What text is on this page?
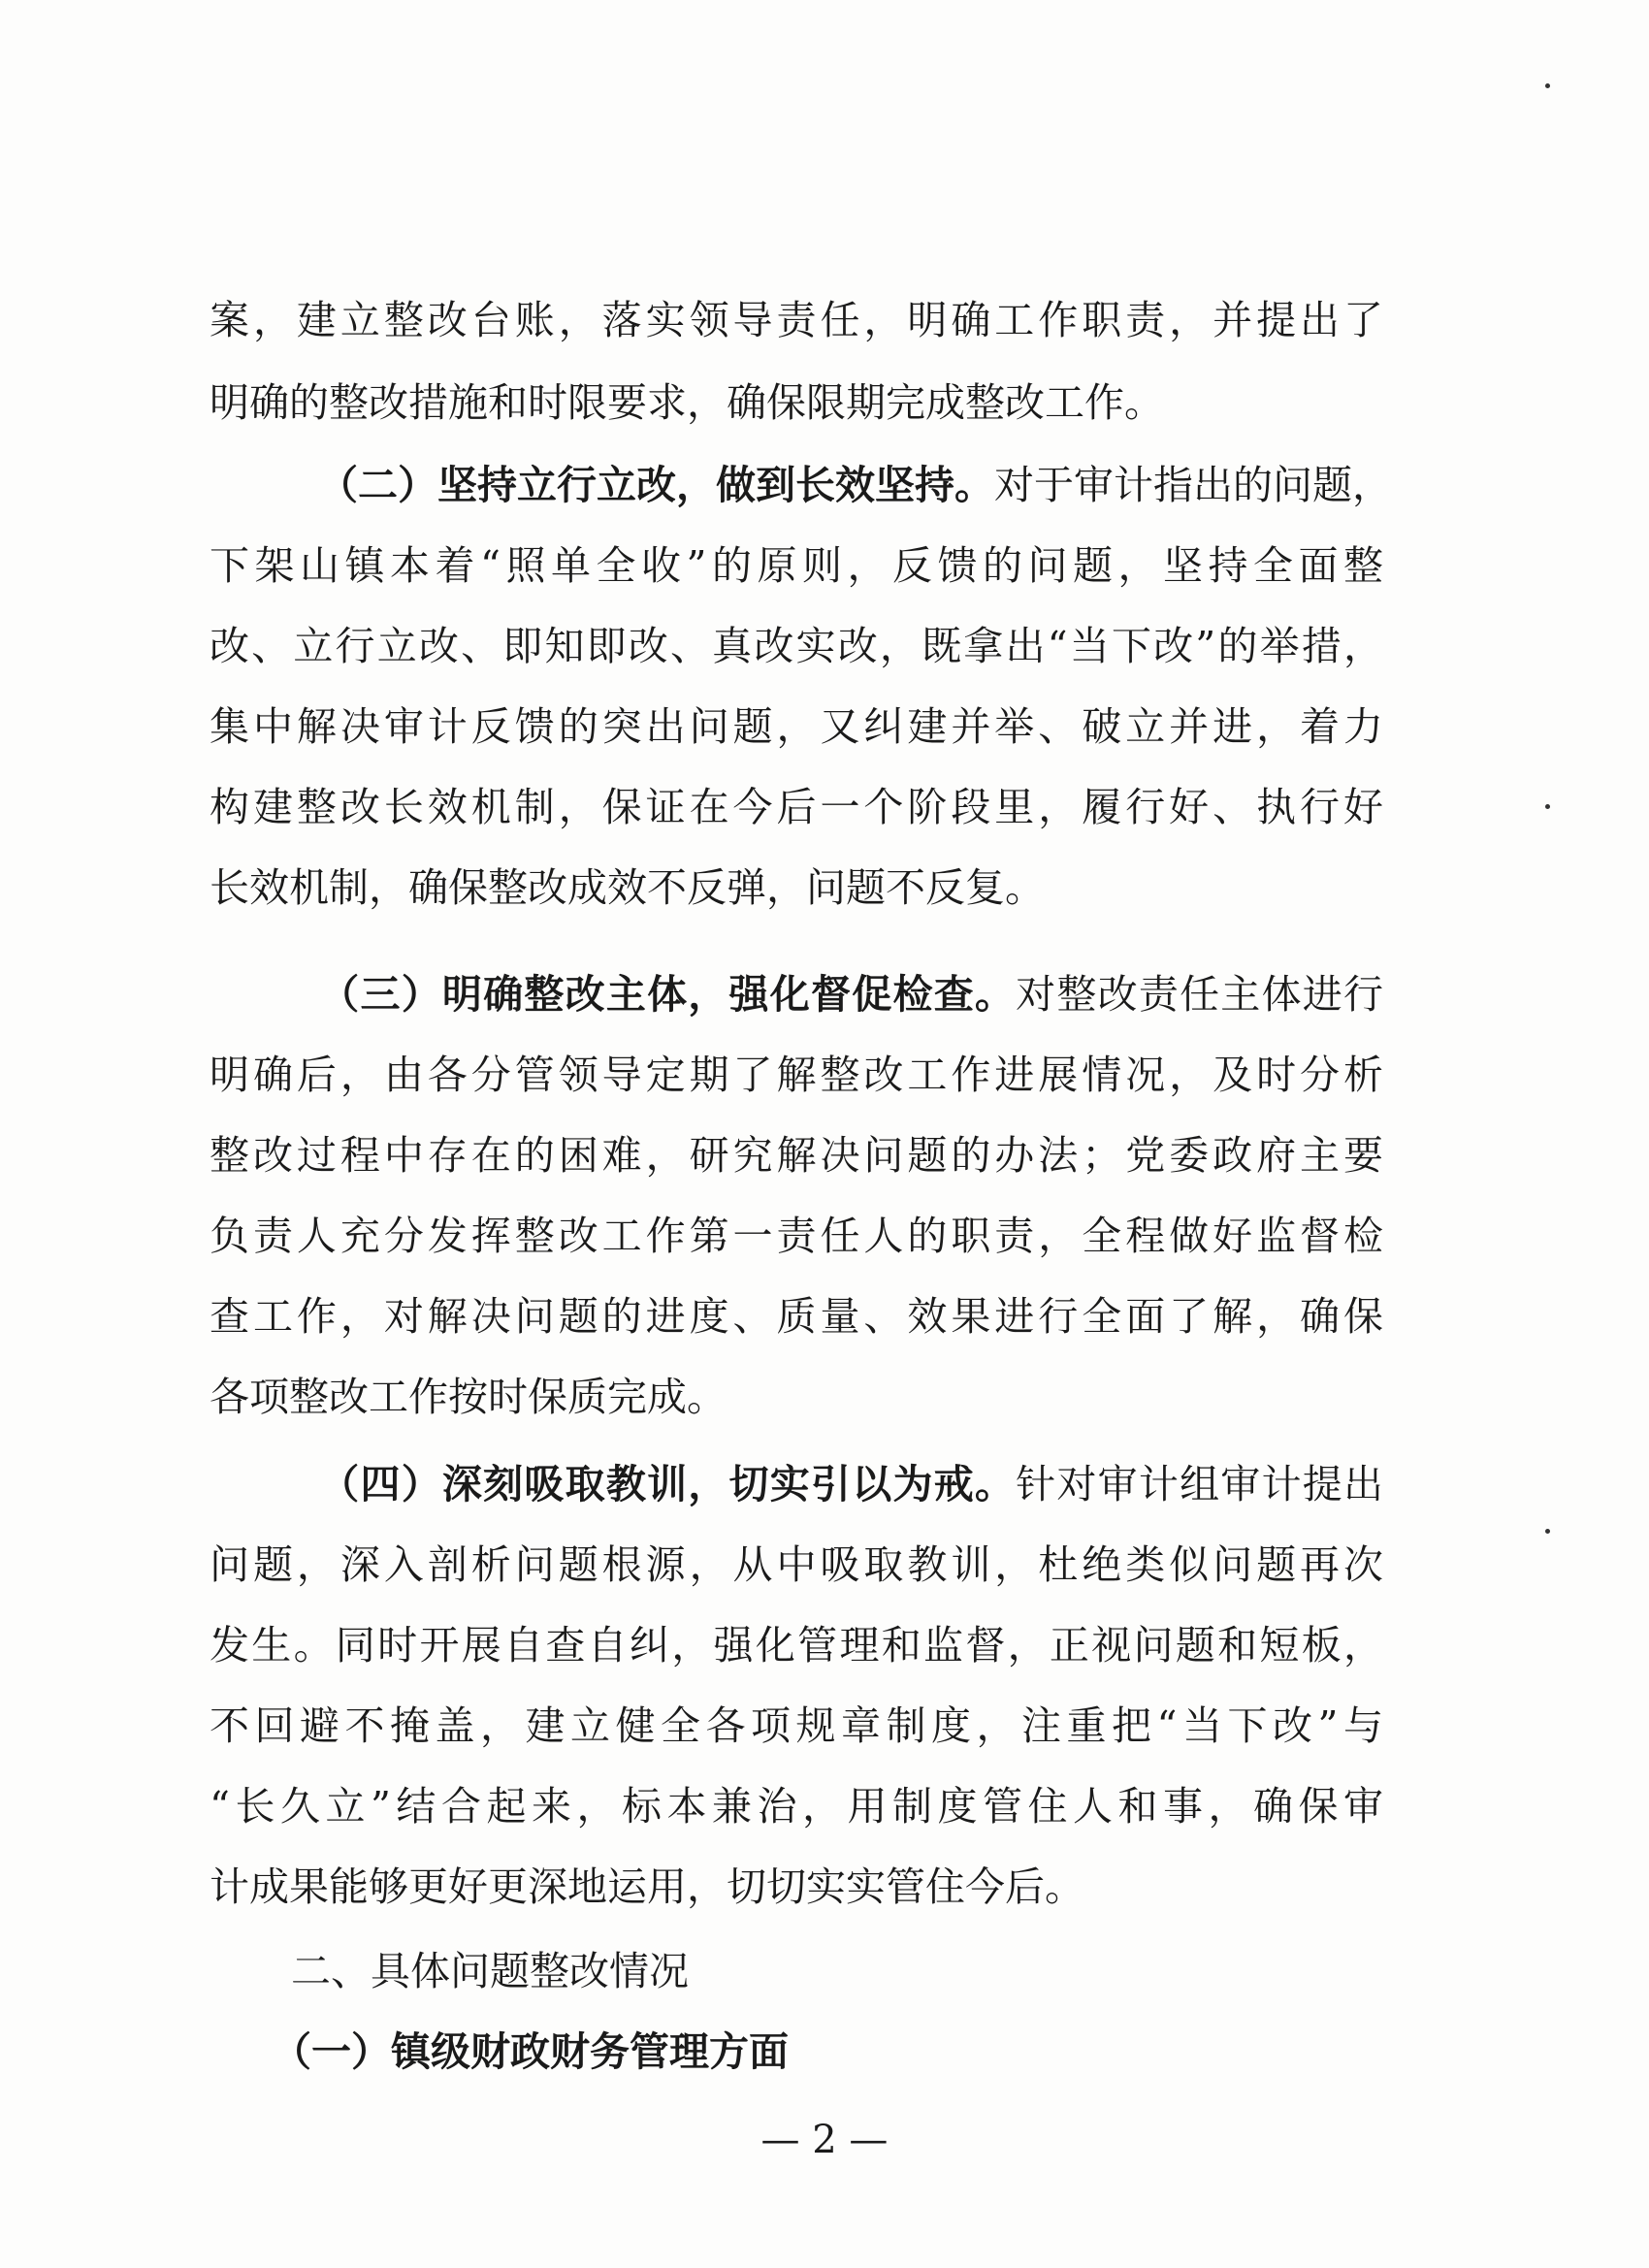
案，建立整改台账，落实领导责任，明确工作职责，并提出了
明确的整改措施和时限要求，确保限期完成整改工作。
（二）坚持立行立改，做到长效坚持。对于审计指出的问题，
下架山镇本着“照单全收”的原则，反馈的问题，坚持全面整
改、立行立改、即知即改、真改实改，既拿出“当下改”的举措，
集中解决审计反馈的突出问题，又纠建并举、破立并进，着力
构建整改长效机制，保证在今后一个阶段里，履行好、执行好
长效机制，确保整改成效不反弹，问题不反复。
（三）明确整改主体，强化督促检查。对整改责任主体进行
明确后，由各分管领导定期了解整改工作进展情况，及时分析
整改过程中存在的困难，研究解决问题的办法；党委政府主要
负责人充分发挥整改工作第一责任人的职责，全程做好监督检
查工作，对解决问题的进度、质量、效果进行全面了解，确保
各项整改工作按时保质完成。
（四）深刻吸取教训，切实引以为戒。针对审计组审计提出
问题，深入剖析问题根源，从中吸取教训，杜绝类似问题再次
发生。同时开展自查自纠，强化管理和监督，正视问题和短板，
不回避不掩盖，建立健全各项规章制度，注重把“当下改”与
“长久立”结合起来，标本兼治，用制度管住人和事，确保审
计成果能够更好更深地运用，切切实实管住今后。
二、具体问题整改情况
（一）镇级财政财务管理方面
— 2 —
